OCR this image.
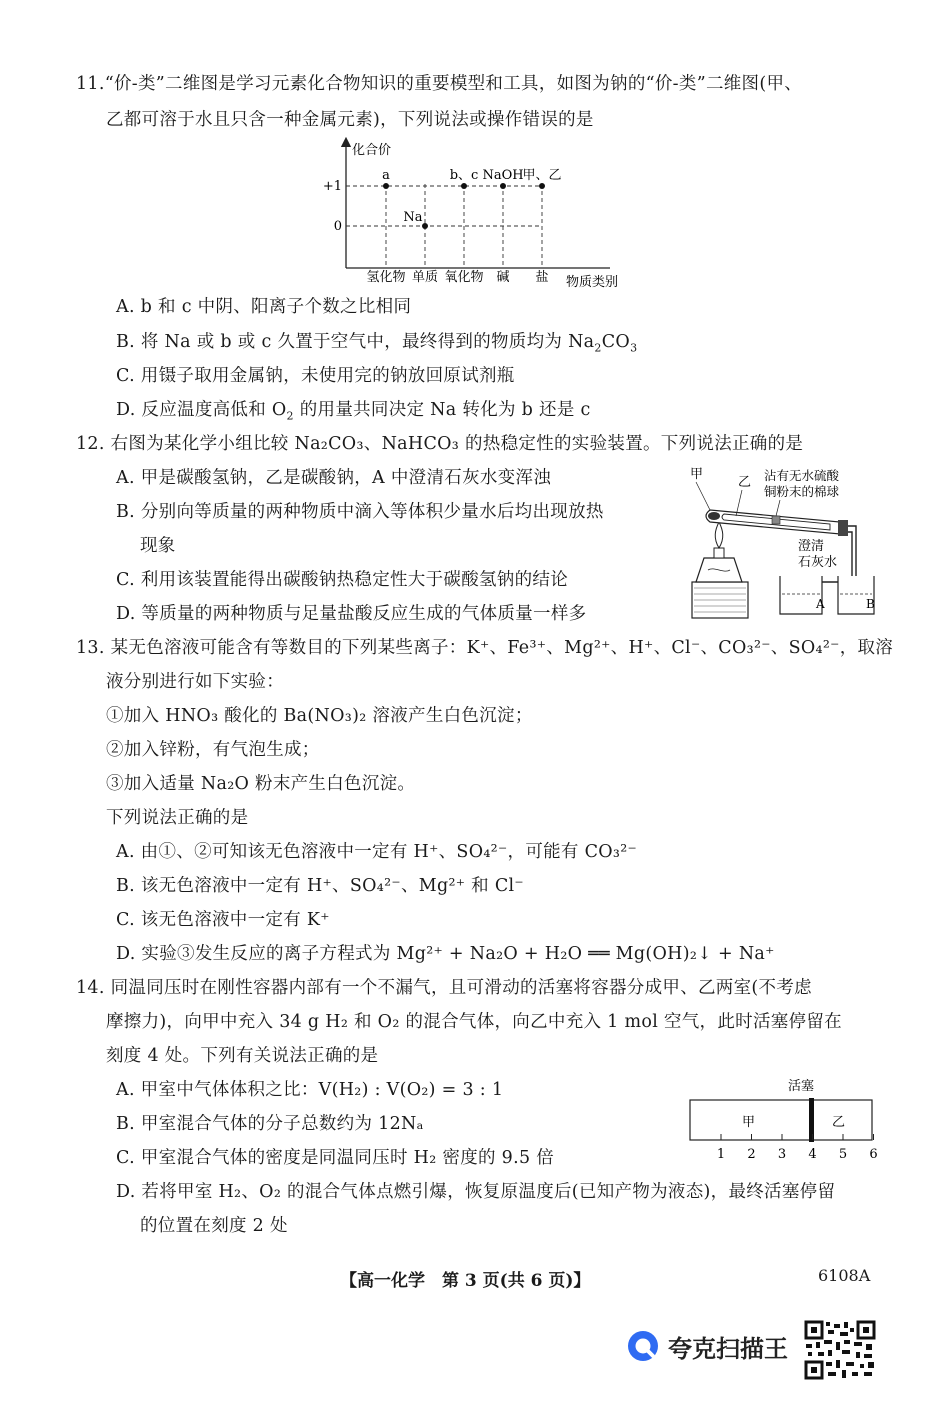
11.“价-类”二维图是学习元素化合物知识的重要模型和工具，如图为钠的“价-类”二维图(甲、
乙都可溶于水且只含一种金属元素)，下列说法或操作错误的是
化合价
物质类别
+1
0
氢化物 单质 氧化物 碱 盐
a
Na
b、c NaOH
甲、乙
A. b 和 c 中阴、阳离子个数之比相同
B. 将 Na 或 b 或 c 久置于空气中，最终得到的物质均为 $Na_2CO_3$
C. 用镊子取用金属钠，未使用完的钠放回原试剂瓶
D. 反应温度高低和 $O_2$ 的用量共同决定 Na 转化为 b 还是 c
12. 右图为某化学小组比较 Na₂CO₃、NaHCO₃ 的热稳定性的实验装置。下列说法正确的是
A. 甲是碳酸氢钠，乙是碳酸钠，A 中澄清石灰水变浑浊
B. 分别向等质量的两种物质中滴入等体积少量水后均出现放热
现象
C. 利用该装置能得出碳酸钠热稳定性大于碳酸氢钠的结论
D. 等质量的两种物质与足量盐酸反应生成的气体质量一样多
甲
乙 沾有无水硫酸
铜粉末的棉球
澄清
石灰水
A	B
13. 某无色溶液可能含有等数目的下列某些离子：K⁺、Fe³⁺、Mg²⁺、H⁺、Cl⁻、CO₃²⁻、SO₄²⁻，取溶
液分别进行如下实验：
①加入 HNO₃ 酸化的 Ba(NO₃)₂ 溶液产生白色沉淀；
②加入锌粉，有气泡生成；
③加入适量 Na₂O 粉末产生白色沉淀。
下列说法正确的是
A. 由①、②可知该无色溶液中一定有 H⁺、SO₄²⁻，可能有 CO₃²⁻
B. 该无色溶液中一定有 H⁺、SO₄²⁻、Mg²⁺ 和 Cl⁻
C. 该无色溶液中一定有 K⁺
D. 实验③发生反应的离子方程式为 Mg²⁺ + Na₂O + H₂O ══ Mg(OH)₂↓ + Na⁺
14. 同温同压时在刚性容器内部有一个不漏气，且可滑动的活塞将容器分成甲、乙两室(不考虑
摩擦力)，向甲中充入 34 g H₂ 和 O₂ 的混合气体，向乙中充入 1 mol 空气，此时活塞停留在
刻度 4 处。下列有关说法正确的是
A. 甲室中气体体积之比：V(H₂) : V(O₂) = 3 : 1
B. 甲室混合气体的分子总数约为 12Nₐ
C. 甲室混合气体的密度是同温同压时 H₂ 密度的 9.5 倍
D. 若将甲室 H₂、O₂ 的混合气体点燃引爆，恢复原温度后(已知产物为液态)，最终活塞停留
的位置在刻度 2 处
活塞
甲	乙
1 2 3 4 5 6
【高一化学　第 3 页(共 6 页)】	6108A
夸克扫描王
